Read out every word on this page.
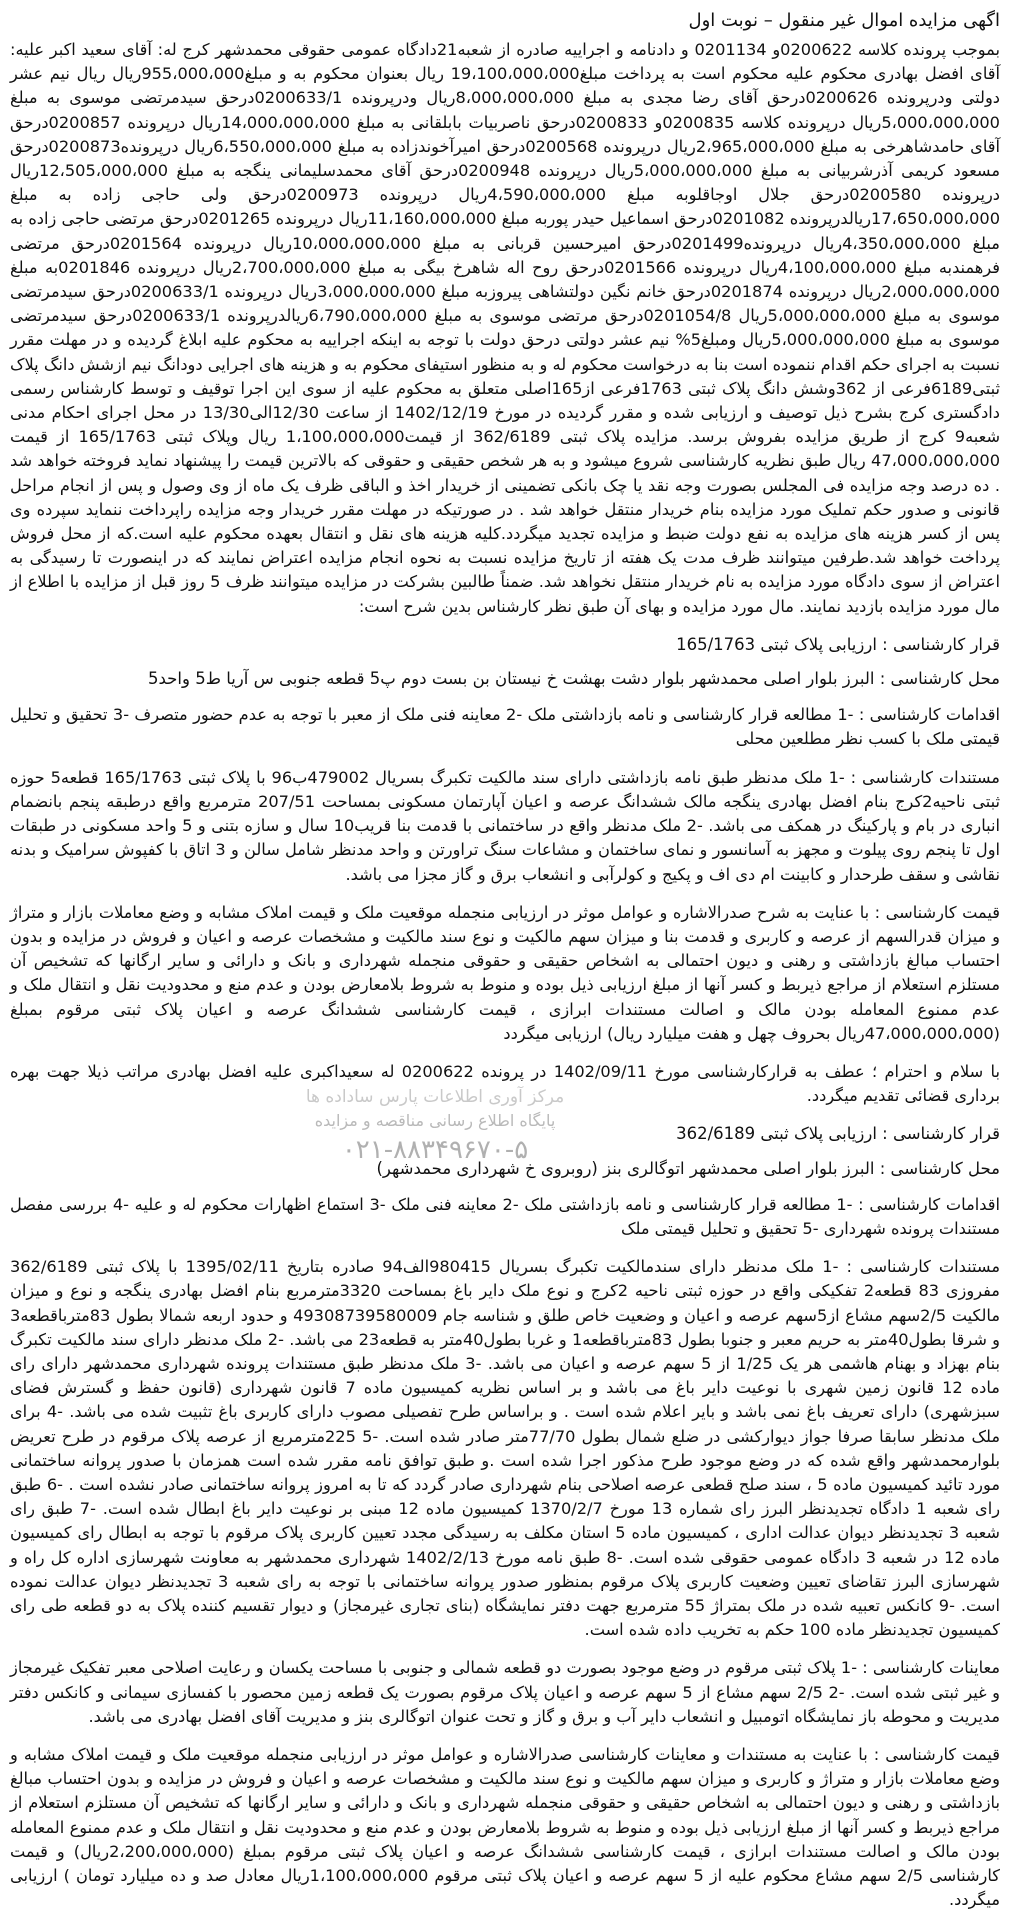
اگهی مزایده اموال غیر منقول – نوبت اول

بموجب پرونده کلاسه 0200622و 0201134 و دادنامه و اجراییه صادره از شعبه21دادگاه عمومی حقوقی محمدشهر کرج له: آقای سعید اکبر علیه: آقای افضل بهادری محکوم علیه محکوم است به پرداخت مبلغ19،100،000،000 ریال بعنوان محکوم به و مبلغ955،000،000ریال ریال نیم عشر دولتی ودرپرونده 0200626درحق آقای رضا مجدی به مبلغ 8،000،000،000ریال ودرپرونده 0200633/1درحق سیدمرتضی موسوی به مبلغ 5،000،000،000ریال درپرونده کلاسه 0200835و 0200833درحق ناصربیات بابلقانی به مبلغ 14،000،000،000ریال درپرونده 0200857درحق آقای حامدشاهرخی به مبلغ 2،965،000،000ریال درپرونده 0200568درحق امیرآخوندزاده به مبلغ 6،550،000،000ریال درپرونده0200873درحق مسعود کریمی آذرشربیانی به مبلغ 5،000،000،000ریال درپرونده 0200948درحق آقای محمدسلیمانی ینگجه به مبلغ 12،505،000،000ریال درپرونده 0200580درحق جلال اوجاقلوبه مبلغ 4،590،000،000ریال درپرونده 0200973درحق ولی حاجی زاده به مبلغ 17،650،000،000ریالدرپرونده 0201082درحق اسماعیل حیدر پوربه مبلغ 11،160،000،000ریال درپرونده 0201265درحق مرتضی حاجی زاده به مبلغ 4،350،000،000ریال درپرونده0201499درحق امیرحسین قربانی به مبلغ 10،000،000،000ریال درپرونده 0201564درحق مرتضی فرهمندبه مبلغ 4،100،000،000ریال درپرونده 0201566درحق روح اله شاهرخ بیگی به مبلغ 2،700،000،000ریال درپرونده 0201846به مبلغ 2،000،000،000ریال درپرونده 0201874درحق خانم نگین دولتشاهی پیروزبه مبلغ 3،000،000،000ریال درپرونده 0200633/1درحق سیدمرتضی موسوی به مبلغ 5،000،000،000ریال 0201054/8درحق مرتضی موسوی به مبلغ 6،790،000،000ریالدرپرونده 0200633/1درحق سیدمرتضی موسوی به مبلغ 5،000،000،000ریال ومبلغ5% نیم عشر دولتی درحق دولت با توجه به اینکه اجراییه به محکوم علیه ابلاغ گردیده و در مهلت مقرر نسبت به اجرای حکم اقدام ننموده است بنا به درخواست محکوم له و به منظور استیفای محکوم به و هزینه های اجرایی دودانگ نیم ازشش دانگ پلاک ثبتی6189فرعی از 362وشش دانگ پلاک ثبتی 1763فرعی از165اصلی متعلق به محکوم علیه از سوی این اجرا توقیف و توسط کارشناس رسمی دادگستری کرج بشرح ذیل توصیف و ارزیابی شده و مقرر گردیده در مورخ 1402/12/19 از ساعت 12/30الی13/30 در محل اجرای احکام مدنی شعبه9 کرج از طریق مزایده بفروش برسد. مزایده پلاک ثبتی 362/6189 از قیمت1،100،000،000 ریال وپلاک ثبتی 165/1763 از قیمت 47،000،000،000 ریال طبق نظریه کارشناسی شروع میشود و به هر شخص حقیقی و حقوقی که بالاترین قیمت را پیشنهاد نماید فروخته خواهد شد . ده درصد وجه مزایده فی المجلس بصورت وجه نقد یا چک بانکی تضمینی از خریدار اخذ و الباقی ظرف یک ماه از وی وصول و پس از انجام مراحل قانونی و صدور حکم تملیک مورد مزایده بنام خریدار منتقل خواهد شد . در صورتیکه در مهلت مقرر خریدار وجه مزایده راپرداخت ننماید سپرده وی پس از کسر هزینه های مزایده به نفع دولت ضبط و مزایده تجدید میگردد.کلیه هزینه های نقل و انتقال بعهده محکوم علیه است.که از محل فروش پرداخت خواهد شد.طرفین میتوانند ظرف مدت یک هفته از تاریخ مزایده نسبت به نحوه انجام مزایده اعتراض نمایند که در اینصورت تا رسیدگی به اعتراض از سوی دادگاه مورد مزایده به نام خریدار منتقل نخواهد شد. ضمناً طالبین بشرکت در مزایده میتوانند ظرف 5 روز قبل از مزایده با اطلاع از مال مورد مزایده بازدید نمایند. مال مورد مزایده و بهای آن طبق نظر کارشناس بدین شرح است:

قرار کارشناسی : ارزیابی پلاک ثبتی 165/1763
محل کارشناسی : البرز بلوار اصلی محمدشهر بلوار دشت بهشت خ نیستان بن بست دوم پ5 قطعه جنوبی س آریا ط5 واحد5

اقدامات کارشناسی : -1 مطالعه قرار کارشناسی و نامه بازداشتی ملک -2 معاینه فنی ملک از معبر با توجه به عدم حضور متصرف -3 تحقیق و تحلیل قیمتی ملک با کسب نظر مطلعین محلی

مستندات کارشناسی : -1 ملک مدنظر طبق نامه بازداشتی دارای سند مالکیت تکبرگ بسریال 479002ب96 با پلاک ثبتی 165/1763 قطعه5 حوزه ثبتی ناحیه2کرج بنام افضل بهادری ینگجه مالک ششدانگ عرصه و اعیان آپارتمان مسکونی بمساحت 207/51 مترمربع واقع درطبقه پنجم بانضمام انباری در بام و پارکینگ در همکف می باشد. -2 ملک مدنظر واقع در ساختمانی با قدمت بنا قریب10 سال و سازه بتنی و 5 واحد مسکونی در طبقات اول تا پنجم روی پیلوت و مجهز به آسانسور و نمای ساختمان و مشاعات سنگ تراورتن و واحد مدنظر شامل سالن و 3 اتاق با کفپوش سرامیک و بدنه نقاشی و سقف طرحدار و کابینت ام دی اف و پکیج و کولرآبی و انشعاب برق و گاز مجزا می باشد.

قیمت کارشناسی : با عنایت به شرح صدرالاشاره و عوامل موثر در ارزیابی منجمله موقعیت ملک و قیمت املاک مشابه و وضع معاملات بازار و متراژ و میزان قدرالسهم از عرصه و کاربری و قدمت بنا و میزان سهم مالکیت و نوع سند مالکیت و مشخصات عرصه و اعیان و فروش در مزایده و بدون احتساب مبالغ بازداشتی و رهنی و دیون احتمالی به اشخاص حقیقی و حقوقی منجمله شهرداری و بانک و دارائی و سایر ارگانها که تشخیص آن مستلزم استعلام از مراجع ذیربط و کسر آنها از مبلغ ارزیابی ذیل بوده و منوط به شروط بلامعارض بودن و عدم منع و محدودیت نقل و انتقال ملک و عدم ممنوع المعامله بودن مالک و اصالت مستندات ابرازی ، قیمت کارشناسی ششدانگ عرصه و اعیان پلاک ثبتی مرقوم بمبلغ (47،000،000،000ریال بحروف چهل و هفت میلیارد ریال) ارزیابی میگردد

با سلام و احترام ؛ عطف به قرارکارشناسی مورخ 1402/09/11 در پرونده 0200622 له سعیداکبری علیه افضل بهادری مراتب ذیلا جهت بهره برداری قضائی تقدیم میگردد.

قرار کارشناسی : ارزیابی پلاک ثبتی 362/6189
محل کارشناسی : البرز بلوار اصلی محمدشهر اتوگالری بنز (روبروی خ شهرداری محمدشهر)

اقدامات کارشناسی : -1 مطالعه قرار کارشناسی و نامه بازداشتی ملک -2 معاینه فنی ملک -3 استماع اظهارات محکوم له و علیه -4 بررسی مفصل مستندات پرونده شهرداری -5 تحقیق و تحلیل قیمتی ملک

مستندات کارشناسی : -1 ملک مدنظر دارای سندمالکیت تکبرگ بسریال 980415الف94 صادره بتاریخ 1395/02/11 با پلاک ثبتی 362/6189 مفروزی 83 قطعه2 تفکیکی واقع در حوزه ثبتی ناحیه 2کرج و نوع ملک دایر باغ بمساحت 3320مترمربع بنام افضل بهادری ینگجه و نوع و میزان مالکیت 2/5سهم مشاع از5سهم عرصه و اعیان و وضعیت خاص طلق و شناسه جام 49308739580009 و حدود اربعه شمالا بطول 83مترباقطعه3 و شرقا بطول40متر به حریم معبر و جنوبا بطول 83مترباقطعه1 و غربا بطول40متر به قطعه23 می باشد. -2 ملک مدنظر دارای سند مالکیت تکبرگ بنام بهزاد و بهنام هاشمی هر یک 1/25 از 5 سهم عرصه و اعیان می باشد. -3 ملک مدنظر طبق مستندات پرونده شهرداری محمدشهر دارای رای ماده 12 قانون زمین شهری با نوعیت دایر باغ می باشد و بر اساس نظریه کمیسیون ماده 7 قانون شهرداری (قانون حفظ و گسترش فضای سبزشهری) دارای تعریف باغ نمی باشد و بایر اعلام شده است . و براساس طرح تفصیلی مصوب دارای کاربری باغ تثبیت شده می باشد. -4 برای ملک مدنظر سابقا صرفا جواز دیوارکشی در ضلع شمال بطول 77/70متر صادر شده است. -5 225مترمربع از عرصه پلاک مرقوم در طرح تعریض بلوارمحمدشهر واقع شده که در وضع موجود طرح مذکور اجرا شده است .و طبق توافق نامه مقرر شده است همزمان با صدور پروانه ساختمانی مورد تائید کمیسیون ماده 5 ، سند صلح قطعی عرصه اصلاحی بنام شهرداری صادر گردد که تا به امروز پروانه ساختمانی صادر نشده است . -6 طبق رای شعبه 1 دادگاه تجدیدنظر البرز رای شماره 13 مورخ 1370/2/7 کمیسیون ماده 12 مبنی بر نوعیت دایر باغ ابطال شده است. -7 طبق رای شعبه 3 تجدیدنظر دیوان عدالت اداری ، کمیسیون ماده 5 استان مکلف به رسیدگی مجدد تعیین کاربری پلاک مرقوم با توجه به ابطال رای کمیسیون ماده 12 در شعبه 3 دادگاه عمومی حقوقی شده است. -8 طبق نامه مورخ 1402/2/13 شهرداری محمدشهر به معاونت شهرسازی اداره کل راه و شهرسازی البرز تقاضای تعیین وضعیت کاربری پلاک مرقوم بمنظور صدور پروانه ساختمانی با توجه به رای شعبه 3 تجدیدنظر دیوان عدالت نموده است. -9 کانکس تعبیه شده در ملک بمتراژ 55 مترمربع جهت دفتر نمایشگاه (بنای تجاری غیرمجاز) و دیوار تقسیم کننده پلاک به دو قطعه طی رای کمیسیون تجدیدنظر ماده 100 حکم به تخریب داده شده است.

معاینات کارشناسی : -1 پلاک ثبتی مرقوم در وضع موجود بصورت دو قطعه شمالی و جنوبی با مساحت یکسان و رعایت اصلاحی معبر تفکیک غیرمجاز و غیر ثبتی شده است. -2 2/5 سهم مشاع از 5 سهم عرصه و اعیان پلاک مرقوم بصورت یک قطعه زمین محصور با کفسازی سیمانی و کانکس دفتر مدیریت و محوطه باز نمایشگاه اتومبیل و انشعاب دایر آب و برق و گاز و تحت عنوان اتوگالری بنز و مدیریت آقای افضل بهادری می باشد.

قیمت کارشناسی : با عنایت به مستندات و معاینات کارشناسی صدرالاشاره و عوامل موثر در ارزیابی منجمله موقعیت ملک و قیمت املاک مشابه و وضع معاملات بازار و متراژ و کاربری و میزان سهم مالکیت و نوع سند مالکیت و مشخصات عرصه و اعیان و فروش در مزایده و بدون احتساب مبالغ بازداشتی و رهنی و دیون احتمالی به اشخاص حقیقی و حقوقی منجمله شهرداری و بانک و دارائی و سایر ارگانها که تشخیص آن مستلزم استعلام از مراجع ذیربط و کسر آنها از مبلغ ارزیابی ذیل بوده و منوط به شروط بلامعارض بودن و عدم منع و محدودیت نقل و انتقال ملک و عدم ممنوع المعامله بودن مالک و اصالت مستندات ابرازی ، قیمت کارشناسی ششدانگ عرصه و اعیان پلاک ثبتی مرقوم بمبلغ (2،200،000،000ریال) و قیمت کارشناسی 2/5 سهم مشاع محکوم علیه از 5 سهم عرصه و اعیان پلاک ثبتی مرقوم 1،100،000،000ریال معادل صد و ده میلیارد تومان ) ارزیابی میگردد.

مرکز آوری اطلاعات پارس ساداده ها
پایگاه اطلاع رسانی مناقصه و مزایده
۰۲۱-۸۸۳۴۹۶۷۰-۵
